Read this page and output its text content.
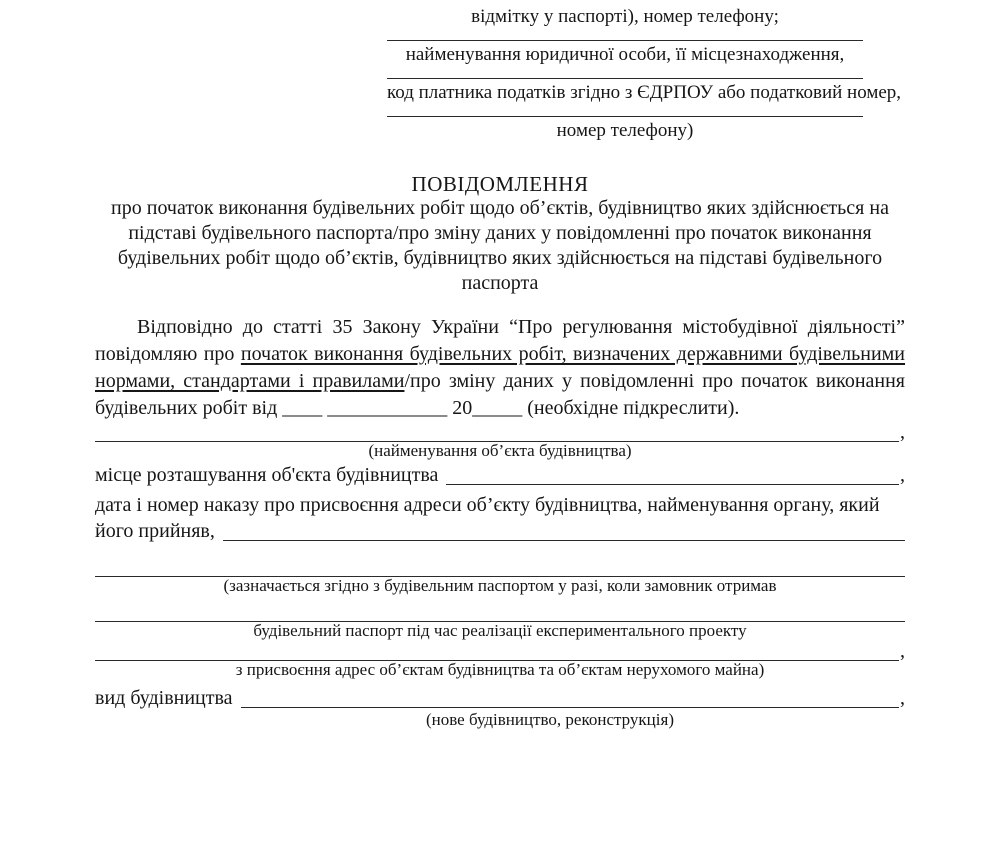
відмітку у паспорті), номер телефону;
найменування юридичної особи, її місцезнаходження,
код платника податків згідно з ЄДРПОУ або податковий номер,
номер телефону)
ПОВІДОМЛЕННЯ
про початок виконання будівельних робіт щодо об’єктів, будівництво яких здійснюється на підставі будівельного паспорта/про зміну даних у повідомленні про початок виконання будівельних робіт щодо об’єктів, будівництво яких здійснюється на підставі будівельного паспорта

Відповідно до статті 35 Закону України “Про регулювання містобудівної діяльності” повідомляю про початок виконання будівельних робіт, визначених державними будівельними нормами, стандартами і правилами/про зміну даних у повідомленні про початок виконання будівельних робіт від ____ ____________ 20_____ (необхідне підкреслити).

,
(найменування об’єкта будівництва)
місце розташування об'єкта будівництва	,
дата і номер наказу про присвоєння адреси об’єкту будівництва, найменування органу, який
його прийняв,
(зазначається згідно з будівельним паспортом у разі, коли замовник отримав
будівельний паспорт під час реалізації експериментального проекту
,
з присвоєння адрес об’єктам будівництва та об’єктам нерухомого майна)
вид будівництва	,
(нове будівництво, реконструкція)
